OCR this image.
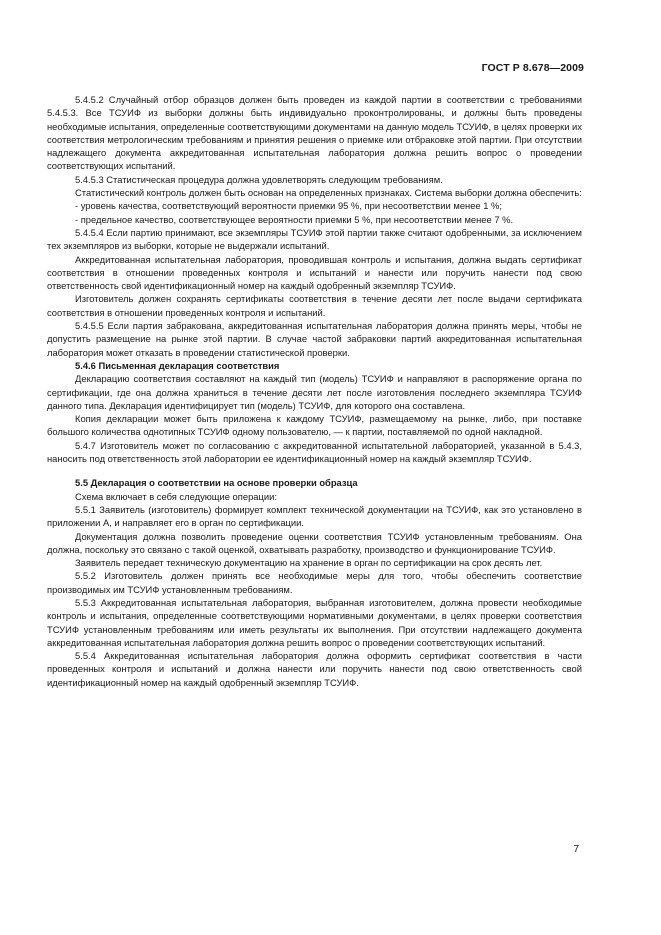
ГОСТ Р 8.678—2009

5.4.5.2 Случайный отбор образцов должен быть проведен из каждой партии в соответствии с требованиями 5.4.5.3. Все ТСУИФ из выборки должны быть индивидуально проконтролированы, и должны быть проведены необходимые испытания, определенные соответствующими документами на данную модель ТСУИФ, в целях проверки их соответствия метрологическим требованиям и принятия решения о приемке или отбраковке этой партии. При отсутствии надлежащего документа аккредитованная испытательная лаборатория должна решить вопрос о проведении соответствующих испытаний.

5.4.5.3 Статистическая процедура должна удовлетворять следующим требованиям.

Статистический контроль должен быть основан на определенных признаках. Система выборки должна обеспечить:

- уровень качества, соответствующий вероятности приемки 95 %, при несоответствии менее 1 %;

- предельное качество, соответствующее вероятности приемки 5 %, при несоответствии менее 7 %.

5.4.5.4 Если партию принимают, все экземпляры ТСУИФ этой партии также считают одобренными, за исключением тех экземпляров из выборки, которые не выдержали испытаний.

Аккредитованная испытательная лаборатория, проводившая контроль и испытания, должна выдать сертификат соответствия в отношении проведенных контроля и испытаний и нанести или поручить нанести под свою ответственность свой идентификационный номер на каждый одобренный экземпляр ТСУИФ.

Изготовитель должен сохранять сертификаты соответствия в течение десяти лет после выдачи сертификата соответствия в отношении проведенных контроля и испытаний.

5.4.5.5 Если партия забракована, аккредитованная испытательная лаборатория должна принять меры, чтобы не допустить размещение на рынке этой партии. В случае частой забраковки партий аккредитованная испытательная лаборатория может отказать в проведении статистической проверки.

5.4.6 Письменная декларация соответствия

Декларацию соответствия составляют на каждый тип (модель) ТСУИФ и направляют в распоряжение органа по сертификации, где она должна храниться в течение десяти лет после изготовления последнего экземпляра ТСУИФ данного типа. Декларация идентифицирует тип (модель) ТСУИФ, для которого она составлена.

Копия декларации может быть приложена к каждому ТСУИФ, размещаемому на рынке, либо, при поставке большого количества однотипных ТСУИФ одному пользователю, — к партии, поставляемой по одной накладной.

5.4.7 Изготовитель может по согласованию с аккредитованной испытательной лабораторией, указанной в 5.4.3, наносить под ответственность этой лаборатории ее идентификационный номер на каждый экземпляр ТСУИФ.

5.5 Декларация о соответствии на основе проверки образца

Схема включает в себя следующие операции:

5.5.1 Заявитель (изготовитель) формирует комплект технической документации на ТСУИФ, как это установлено в приложении А, и направляет его в орган по сертификации.

Документация должна позволить проведение оценки соответствия ТСУИФ установленным требованиям. Она должна, поскольку это связано с такой оценкой, охватывать разработку, производство и функционирование ТСУИФ.

Заявитель передает техническую документацию на хранение в орган по сертификации на срок десять лет.

5.5.2 Изготовитель должен принять все необходимые меры для того, чтобы обеспечить соответствие производимых им ТСУИФ установленным требованиям.

5.5.3 Аккредитованная испытательная лаборатория, выбранная изготовителем, должна провести необходимые контроль и испытания, определенные соответствующими нормативными документами, в целях проверки соответствия ТСУИФ установленным требованиям или иметь результаты их выполнения. При отсутствии надлежащего документа аккредитованная испытательная лаборатория должна решить вопрос о проведении соответствующих испытаний.

5.5.4 Аккредитованная испытательная лаборатория должна оформить сертификат соответствия в части проведенных контроля и испытаний и должна нанести или поручить нанести под свою ответственность свой идентификационный номер на каждый одобренный экземпляр ТСУИФ.

7
